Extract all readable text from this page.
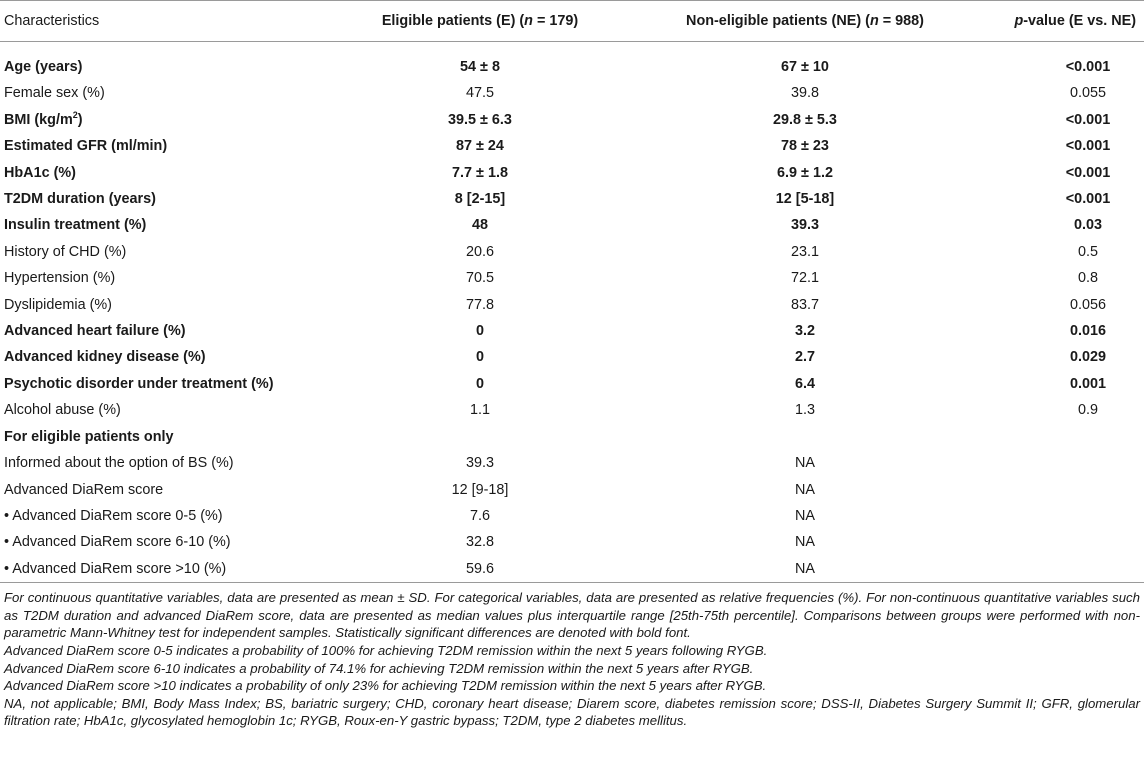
Characteristics	Eligible patients (E) (n = 179)	Non-eligible patients (NE) (n = 988)	p-value (E vs. NE)

Age (years)	54 ± 8	67 ± 10	<0.001
Female sex (%)	47.5	39.8	0.055
BMI $(kg/m^2)$	39.5 ± 6.3	29.8 ± 5.3	<0.001
Estimated GFR (ml/min)	87 ± 24	78 ± 23	<0.001
HbA1c (%)	7.7 ± 1.8	6.9 ± 1.2	<0.001
T2DM duration (years)	8 [2-15]	12 [5-18]	<0.001
Insulin treatment (%)	48	39.3	0.03
History of CHD (%)	20.6	23.1	0.5
Hypertension (%)	70.5	72.1	0.8
Dyslipidemia (%)	77.8	83.7	0.056
Advanced heart failure (%)	0	3.2	0.016
Advanced kidney disease (%)	0	2.7	0.029
Psychotic disorder under treatment (%)	0	6.4	0.001
Alcohol abuse (%)	1.1	1.3	0.9
For eligible patients only			
Informed about the option of BS (%)	39.3	NA	
Advanced DiaRem score	12 [9-18]	NA	
• Advanced DiaRem score 0-5 (%)	7.6	NA	
• Advanced DiaRem score 6-10 (%)	32.8	NA	
• Advanced DiaRem score >10 (%)	59.6	NA	

For continuous quantitative variables, data are presented as mean ± SD. For categorical variables, data are presented as relative frequencies (%). For non-continuous quantitative variables such as T2DM duration and advanced DiaRem score, data are presented as median values plus interquartile range [25th-75th percentile]. Comparisons between groups were performed with non-parametric Mann-Whitney test for independent samples. Statistically significant differences are denoted with bold font.

Advanced DiaRem score 0-5 indicates a probability of 100% for achieving T2DM remission within the next 5 years following RYGB.

Advanced DiaRem score 6-10 indicates a probability of 74.1% for achieving T2DM remission within the next 5 years after RYGB.

Advanced DiaRem score >10 indicates a probability of only 23% for achieving T2DM remission within the next 5 years after RYGB.

NA, not applicable; BMI, Body Mass Index; BS, bariatric surgery; CHD, coronary heart disease; Diarem score, diabetes remission score; DSS-II, Diabetes Surgery Summit II; GFR, glomerular filtration rate; HbA1c, glycosylated hemoglobin 1c; RYGB, Roux-en-Y gastric bypass; T2DM, type 2 diabetes mellitus.
